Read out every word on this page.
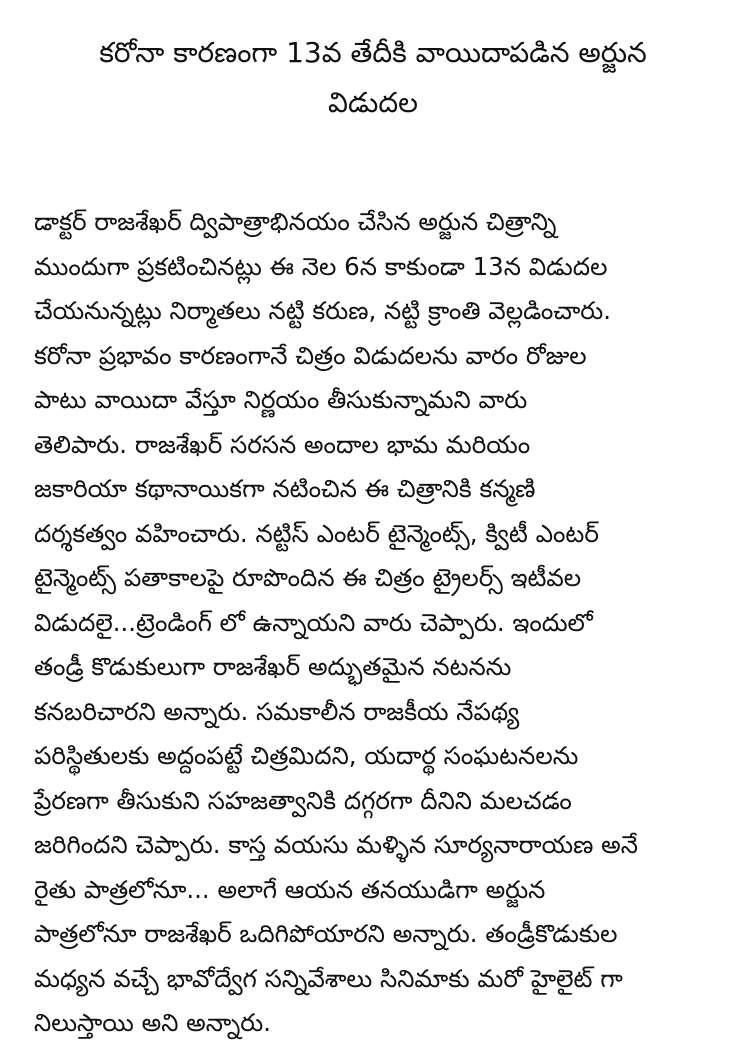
కరోనా కారణంగా 13వ తేదీకి వాయిదాపడిన అర్జున
విడుదల
డాక్టర్ రాజశేఖర్ ద్విపాత్రాభినయం చేసిన అర్జున చిత్రాన్ని
ముందుగా ప్రకటించినట్లు ఈ నెల 6న కాకుండా 13న విడుదల
చేయనున్నట్లు నిర్మాతలు నట్టి కరుణ, నట్టి క్రాంతి వెల్లడించారు.
కరోనా ప్రభావం కారణంగానే చిత్రం విడుదలను వారం రోజుల
పాటు వాయిదా వేస్తూ నిర్ణయం తీసుకున్నామని వారు
తెలిపారు. రాజశేఖర్ సరసన అందాల భామ మరియం
జకారియా కథానాయికగా నటించిన ఈ చిత్రానికి కన్మణి
దర్శకత్వం వహించారు. నట్టిస్ ఎంటర్ టైన్మెంట్స్, క్విటీ ఎంటర్
టైన్మెంట్స్ పతాకాలపై రూపొందిన ఈ చిత్రం ట్రైలర్స్ ఇటీవల
విడుదలై...ట్రెండింగ్ లో ఉన్నాయని వారు చెప్పారు. ఇందులో
తండ్రీ కొడుకులుగా రాజశేఖర్ అద్భుతమైన నటనను
కనబరిచారని అన్నారు. సమకాలీన రాజకీయ నేపథ్య
పరిస్థితులకు అద్దంపట్టే చిత్రమిదని, యదార్థ సంఘటనలను
ప్రేరణగా తీసుకుని సహజత్వానికి దగ్గరగా దీనిని మలచడం
జరిగిందని చెప్పారు. కాస్త వయసు మళ్ళిన సూర్యనారాయణ అనే
రైతు పాత్రలోనూ... అలాగే ఆయన తనయుడిగా అర్జున
పాత్రలోనూ రాజశేఖర్ ఒదిగిపోయారని అన్నారు. తండ్రీకొడుకుల
మధ్యన వచ్చే భావోద్వేగ సన్నివేశాలు సినిమాకు మరో హైలైట్ గా
నిలుస్తాయి అని అన్నారు.
